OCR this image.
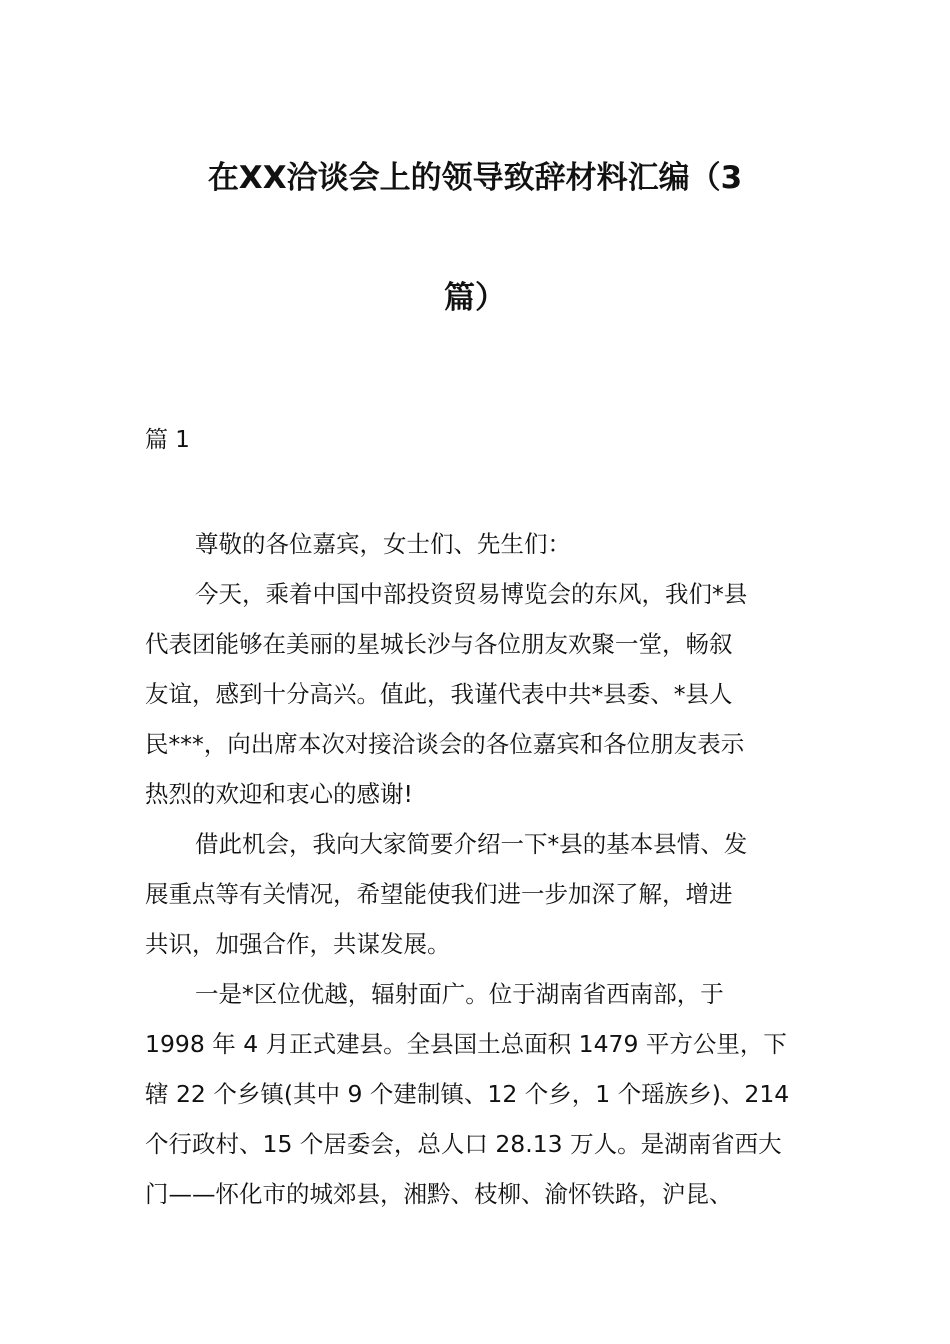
在XX洽谈会上的领导致辞材料汇编（3
篇）
篇 1
尊敬的各位嘉宾，女士们、先生们：
今天，乘着中国中部投资贸易博览会的东风，我们*县
代表团能够在美丽的星城长沙与各位朋友欢聚一堂，畅叙
友谊，感到十分高兴。值此，我谨代表中共*县委、*县人
民***，向出席本次对接洽谈会的各位嘉宾和各位朋友表示
热烈的欢迎和衷心的感谢!
借此机会，我向大家简要介绍一下*县的基本县情、发
展重点等有关情况，希望能使我们进一步加深了解，增进
共识，加强合作，共谋发展。
一是*区位优越，辐射面广。位于湖南省西南部，于
1998 年 4 月正式建县。全县国土总面积 1479 平方公里，下
辖 22 个乡镇(其中 9 个建制镇、12 个乡，1 个瑶族乡)、214
个行政村、15 个居委会，总人口 28.13 万人。是湖南省西大
门——怀化市的城郊县，湘黔、枝柳、渝怀铁路，沪昆、
